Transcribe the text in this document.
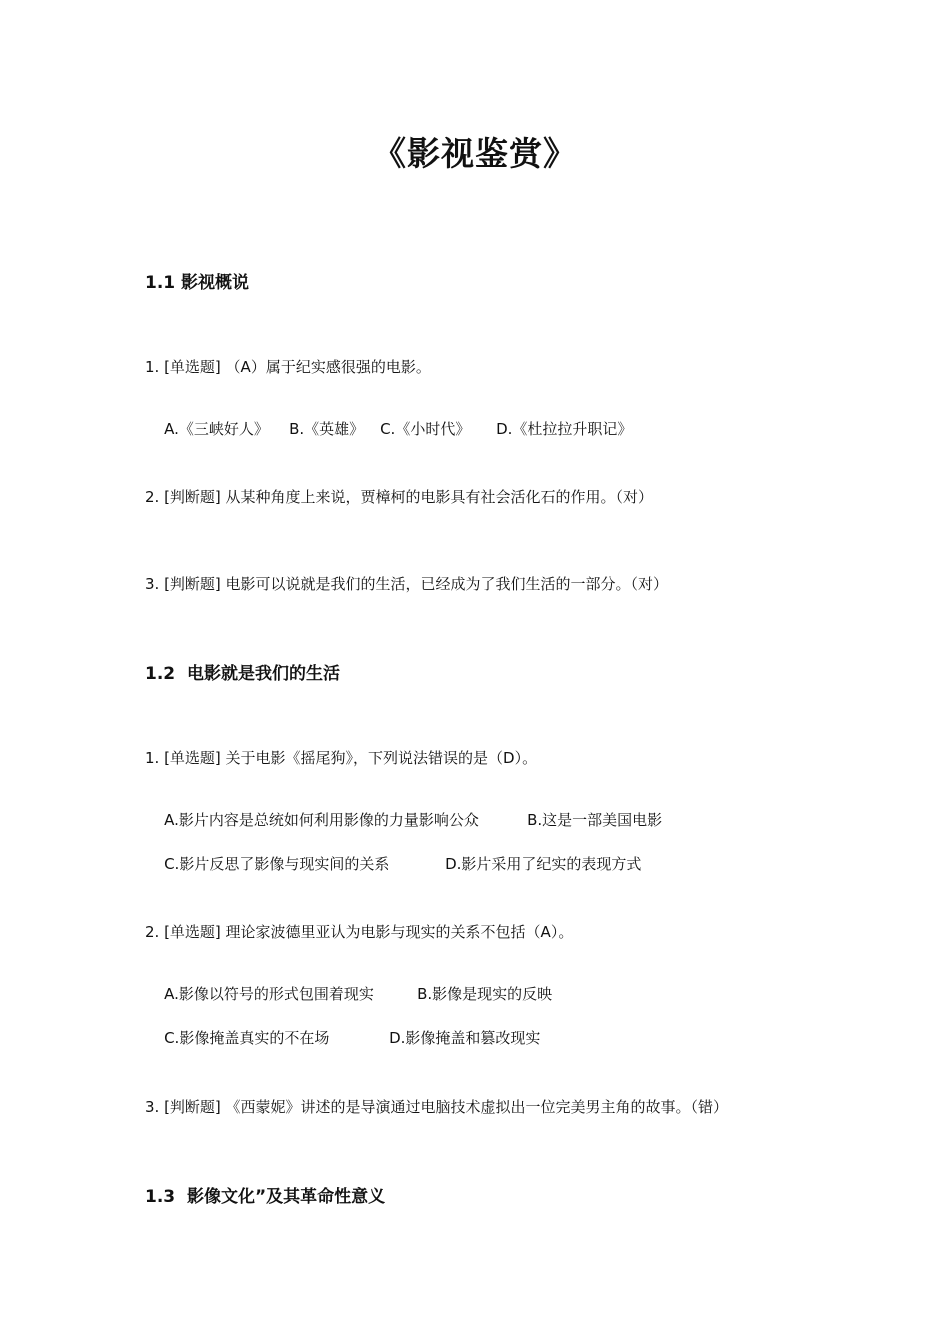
《影视鉴赏》
1.1 影视概说
1. [单选题] （A）属于纪实感很强的电影。

A.《三峡好人》 B.《英雄》 C.《小时代》 D.《杜拉拉升职记》

2. [判断题] 从某种角度上来说，贾樟柯的电影具有社会活化石的作用。（对）
3. [判断题] 电影可以说就是我们的生活，已经成为了我们生活的一部分。（对）
1.2  电影就是我们的生活
1. [单选题] 关于电影《摇尾狗》，下列说法错误的是（D）。

A.影片内容是总统如何利用影像的力量影响公众	B.这是一部美国电影

C.影片反思了影像与现实间的关系	D.影片采用了纪实的表现方式

2. [单选题] 理论家波德里亚认为电影与现实的关系不包括（A）。

A.影像以符号的形式包围着现实	B.影像是现实的反映

C.影像掩盖真实的不在场	D.影像掩盖和篡改现实

3. [判断题] 《西蒙妮》讲述的是导演通过电脑技术虚拟出一位完美男主角的故事。（错）
1.3  影像文化”及其革命性意义
